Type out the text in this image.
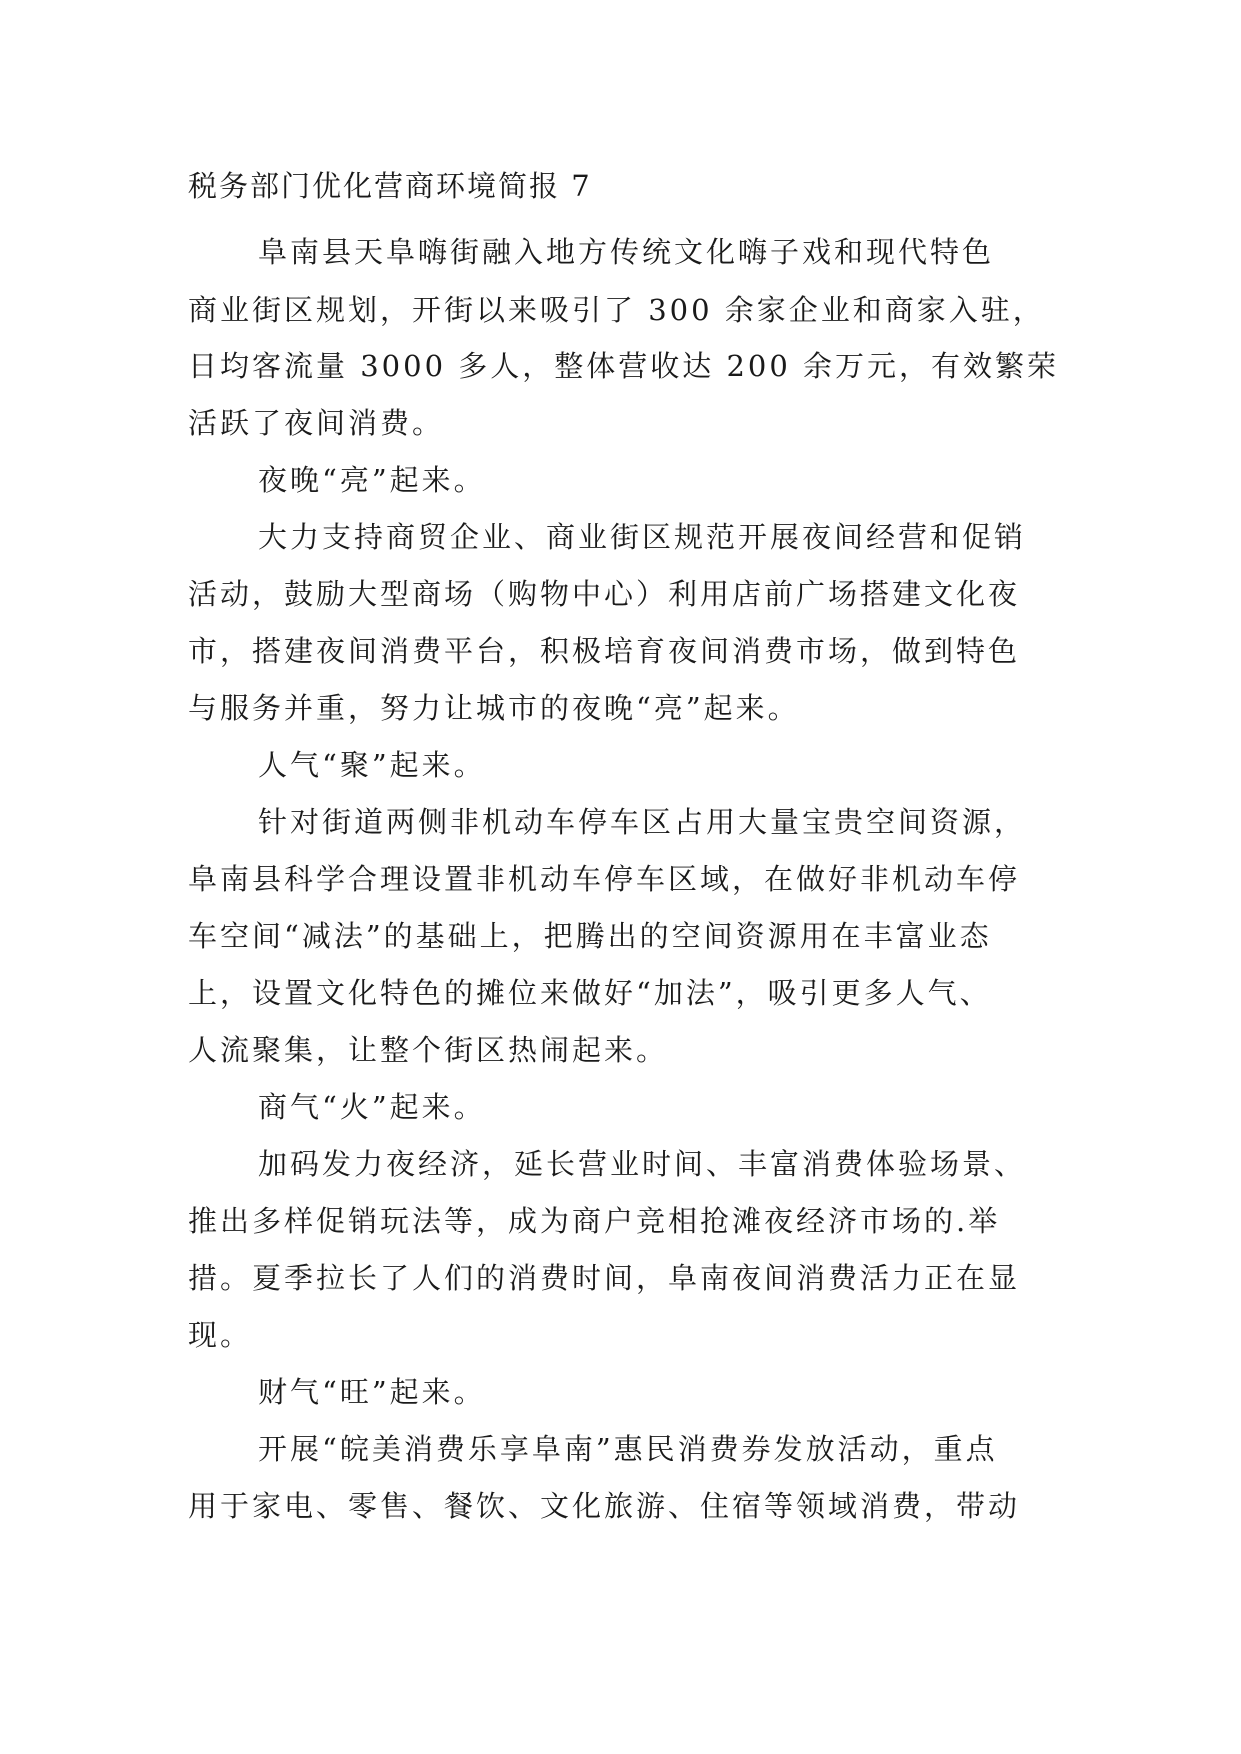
税务部门优化营商环境简报 7
阜南县天阜嗨街融入地方传统文化嗨子戏和现代特色
商业街区规划，开街以来吸引了 300 余家企业和商家入驻，
日均客流量 3000 多人，整体营收达 200 余万元，有效繁荣
活跃了夜间消费。
夜晚“亮”起来。
大力支持商贸企业、商业街区规范开展夜间经营和促销
活动，鼓励大型商场（购物中心）利用店前广场搭建文化夜
市，搭建夜间消费平台，积极培育夜间消费市场，做到特色
与服务并重，努力让城市的夜晚“亮”起来。
人气“聚”起来。
针对街道两侧非机动车停车区占用大量宝贵空间资源，
阜南县科学合理设置非机动车停车区域，在做好非机动车停
车空间“减法”的基础上，把腾出的空间资源用在丰富业态
上，设置文化特色的摊位来做好“加法”，吸引更多人气、
人流聚集，让整个街区热闹起来。
商气“火”起来。
加码发力夜经济，延长营业时间、丰富消费体验场景、
推出多样促销玩法等，成为商户竞相抢滩夜经济市场的.举
措。夏季拉长了人们的消费时间，阜南夜间消费活力正在显
现。
财气“旺”起来。
开展“皖美消费乐享阜南”惠民消费券发放活动，重点
用于家电、零售、餐饮、文化旅游、住宿等领域消费，带动
